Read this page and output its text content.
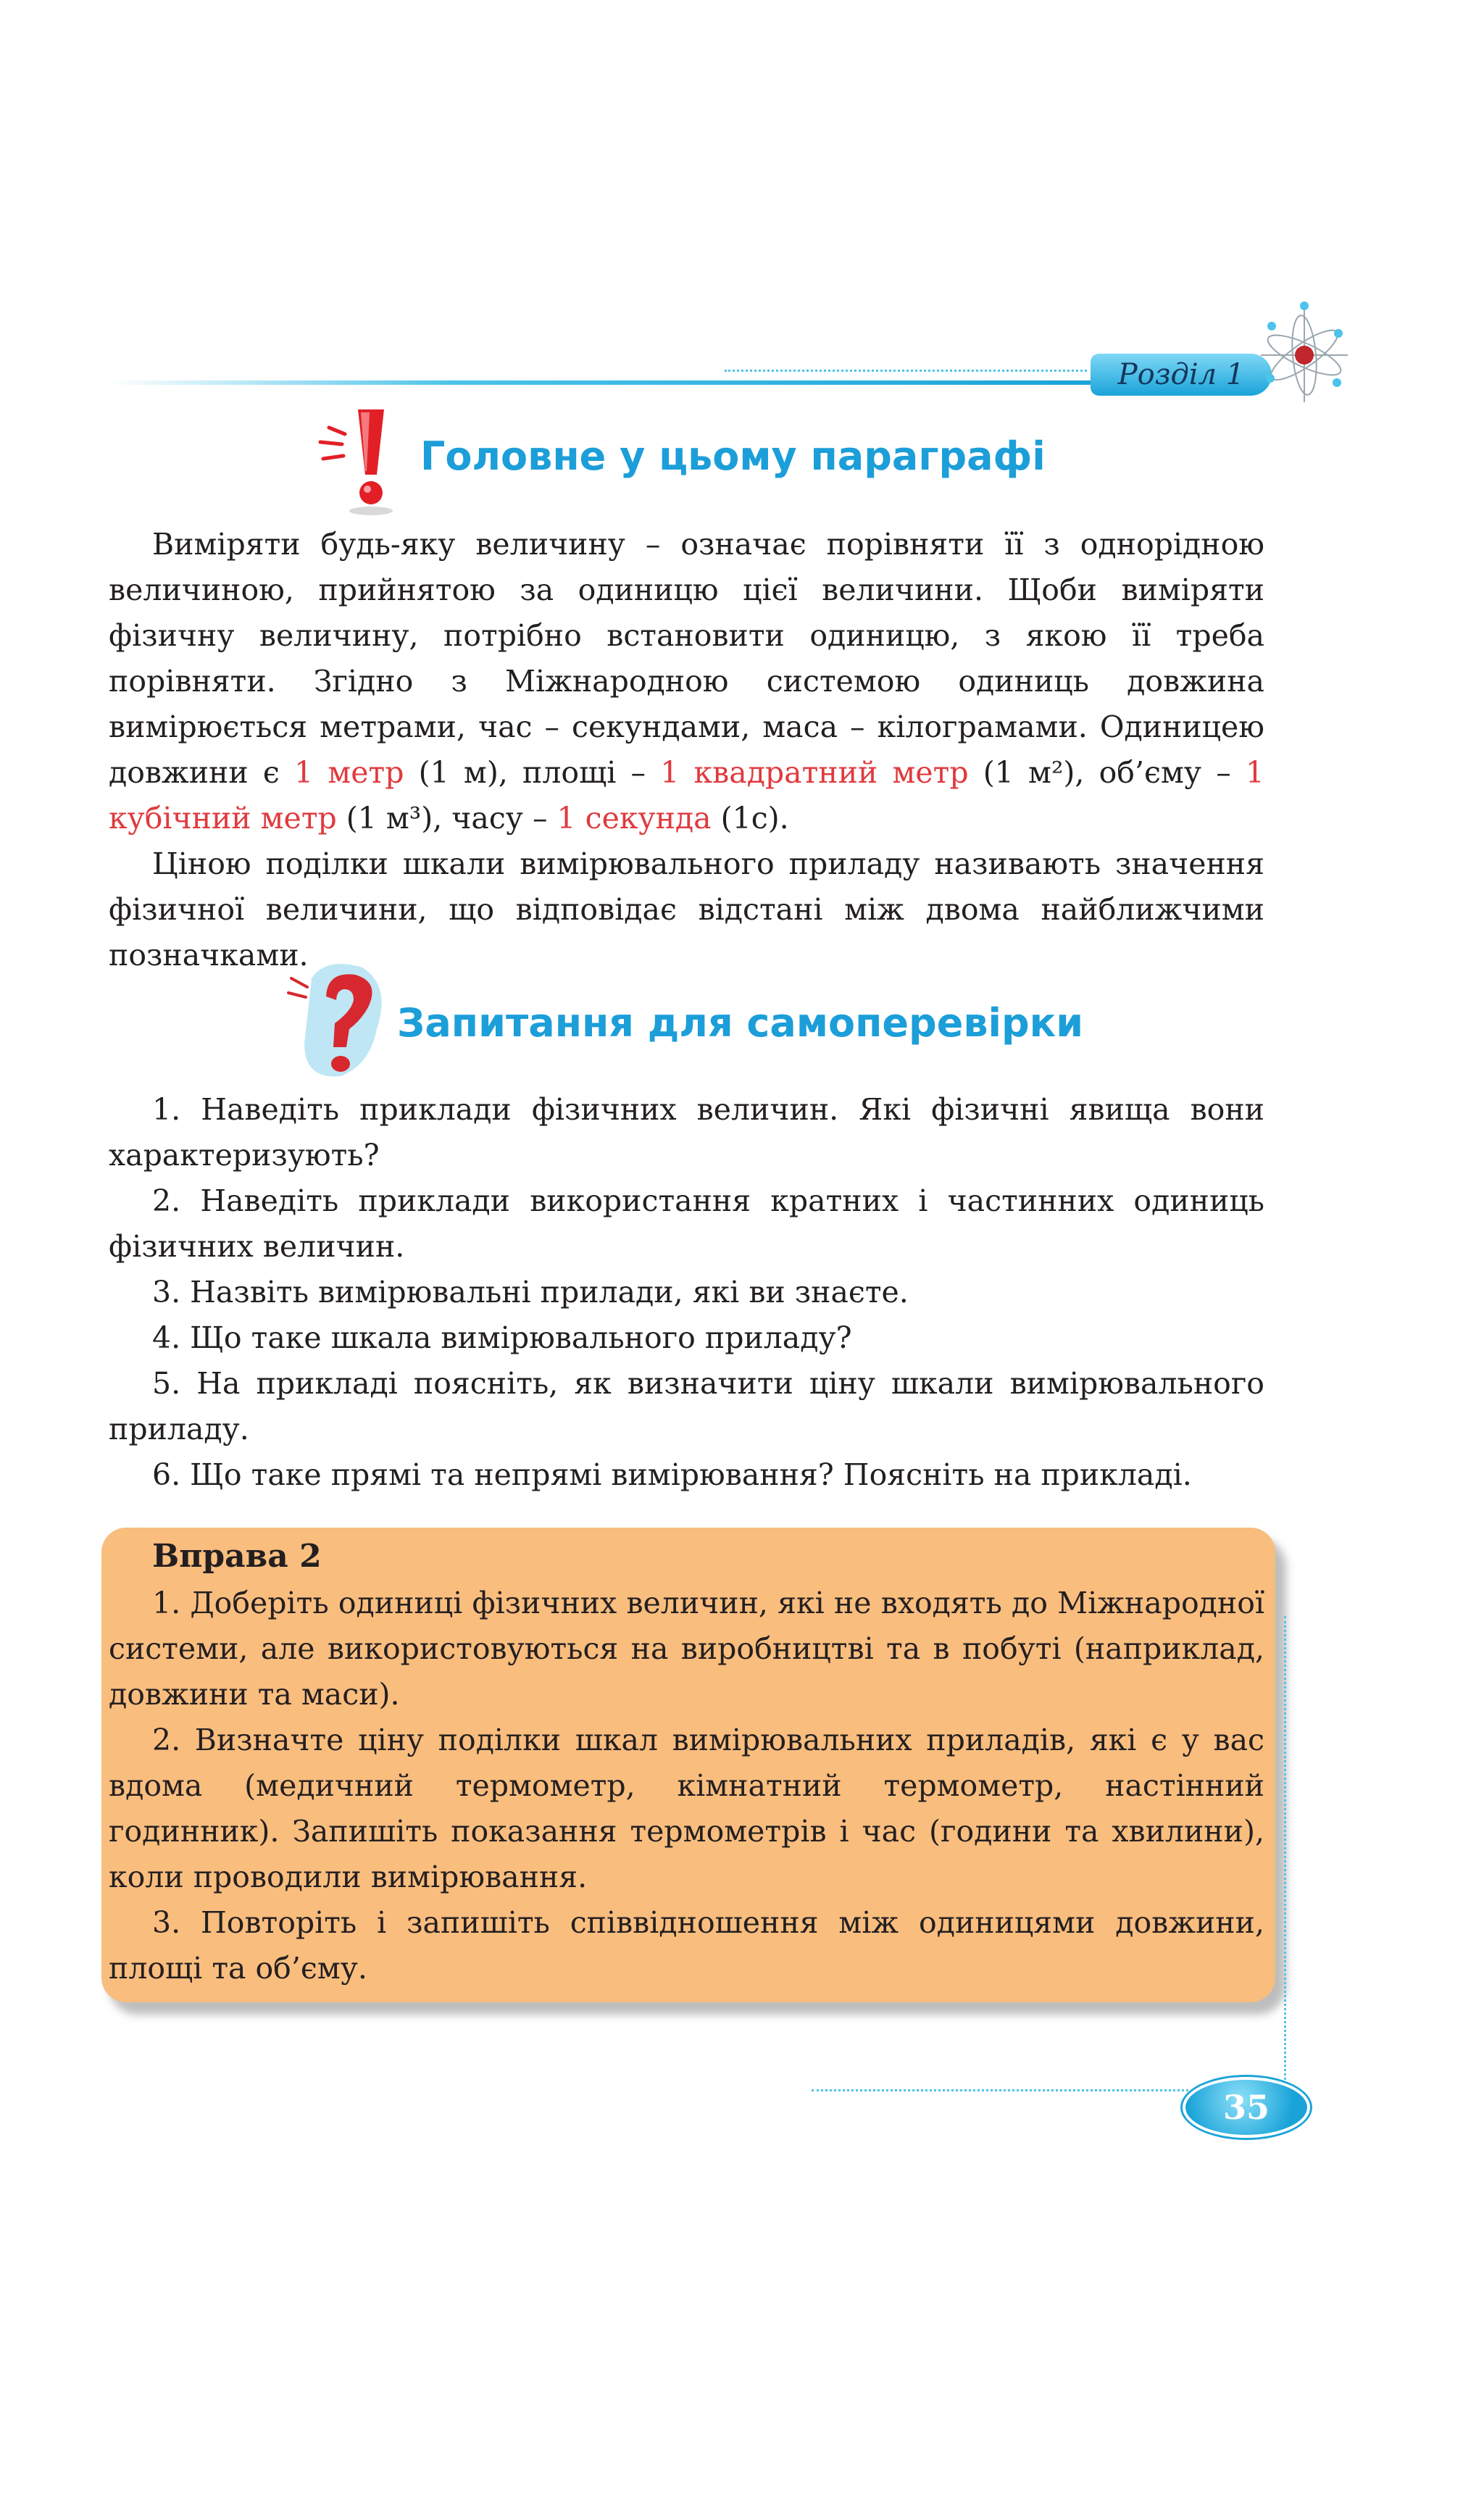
Розділ 1
Головне у цьому параграфі
Виміряти будь-яку величину – означає порівняти її з однорідною величиною, прийнятою за одиницю цієї величини. Щоби виміряти фізичну величину, потрібно встановити одиницю, з якою її треба порівняти. Згідно з Міжнародною системою одиниць довжина вимірюється метрами, час – секундами, маса – кілограмами. Одиницею довжини є 1 метр (1 м), площі – 1 квадратний метр (1 м²), об’єму – 1 кубічний метр (1 м³), часу – 1 секунда (1с).
Ціною поділки шкали вимірювального приладу називають значення фізичної величини, що відповідає відстані між двома найближчими позначками.
Запитання для самоперевірки
1. Наведіть приклади фізичних величин. Які фізичні явища вони характеризують?
2. Наведіть приклади використання кратних і частинних одиниць фізичних величин.
3. Назвіть вимірювальні прилади, які ви знаєте.
4. Що таке шкала вимірювального приладу?
5. На прикладі поясніть, як визначити ціну шкали вимірювального приладу.
6. Що таке прямі та непрямі вимірювання? Поясніть на прикладі.
Вправа 2
1. Доберіть одиниці фізичних величин, які не входять до Міжнародної системи, але використовуються на виробництві та в побуті (наприклад, довжини та маси).
2. Визначте ціну поділки шкал вимірювальних приладів, які є у вас вдома (медичний термометр, кімнатний термометр, настінний годинник). Запишіть показання термометрів і час (години та хвилини), коли проводили вимірювання.
3. Повторіть і запишіть співвідношення між одиницями довжини, площі та об’єму.
35
